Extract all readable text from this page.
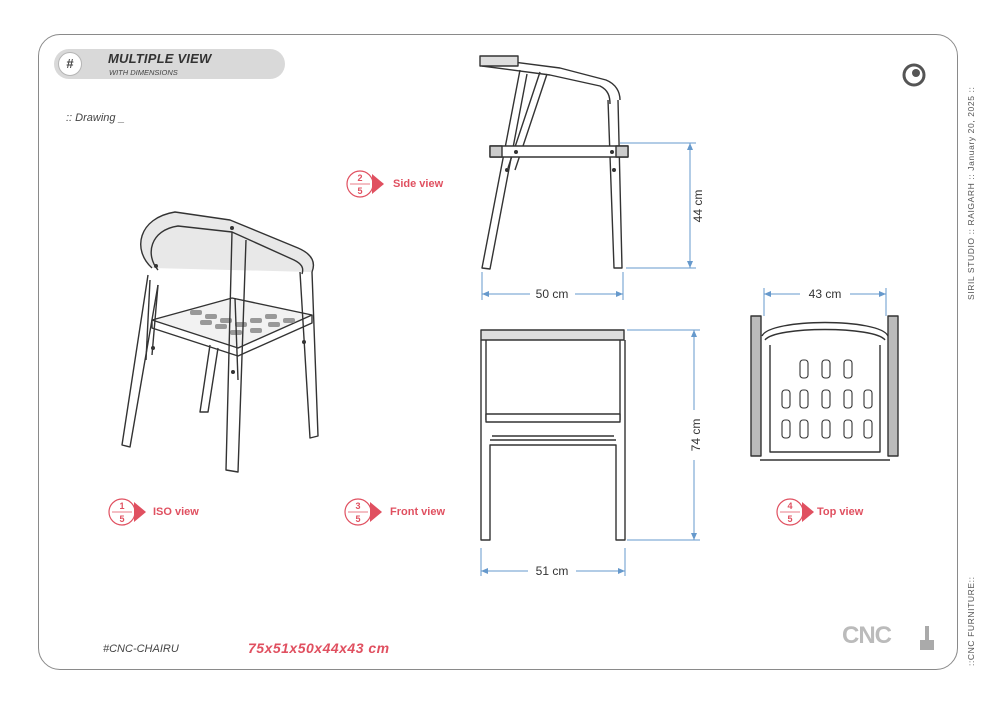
#	MULTIPLE VIEW
WITH DIMENSIONS
:: Drawing _
50 cm
44 cm
51 cm
74 cm
43 cm
1
5
2
5
3
5
4
5
ISO view
Side view
Front view	Top view
#CNC-CHAIRU	75x51x50x44x43 cm	CNC
SIRIL STUDIO :: RAIGARH :: January 20, 2025 ::
::CNC FURNITURE::
